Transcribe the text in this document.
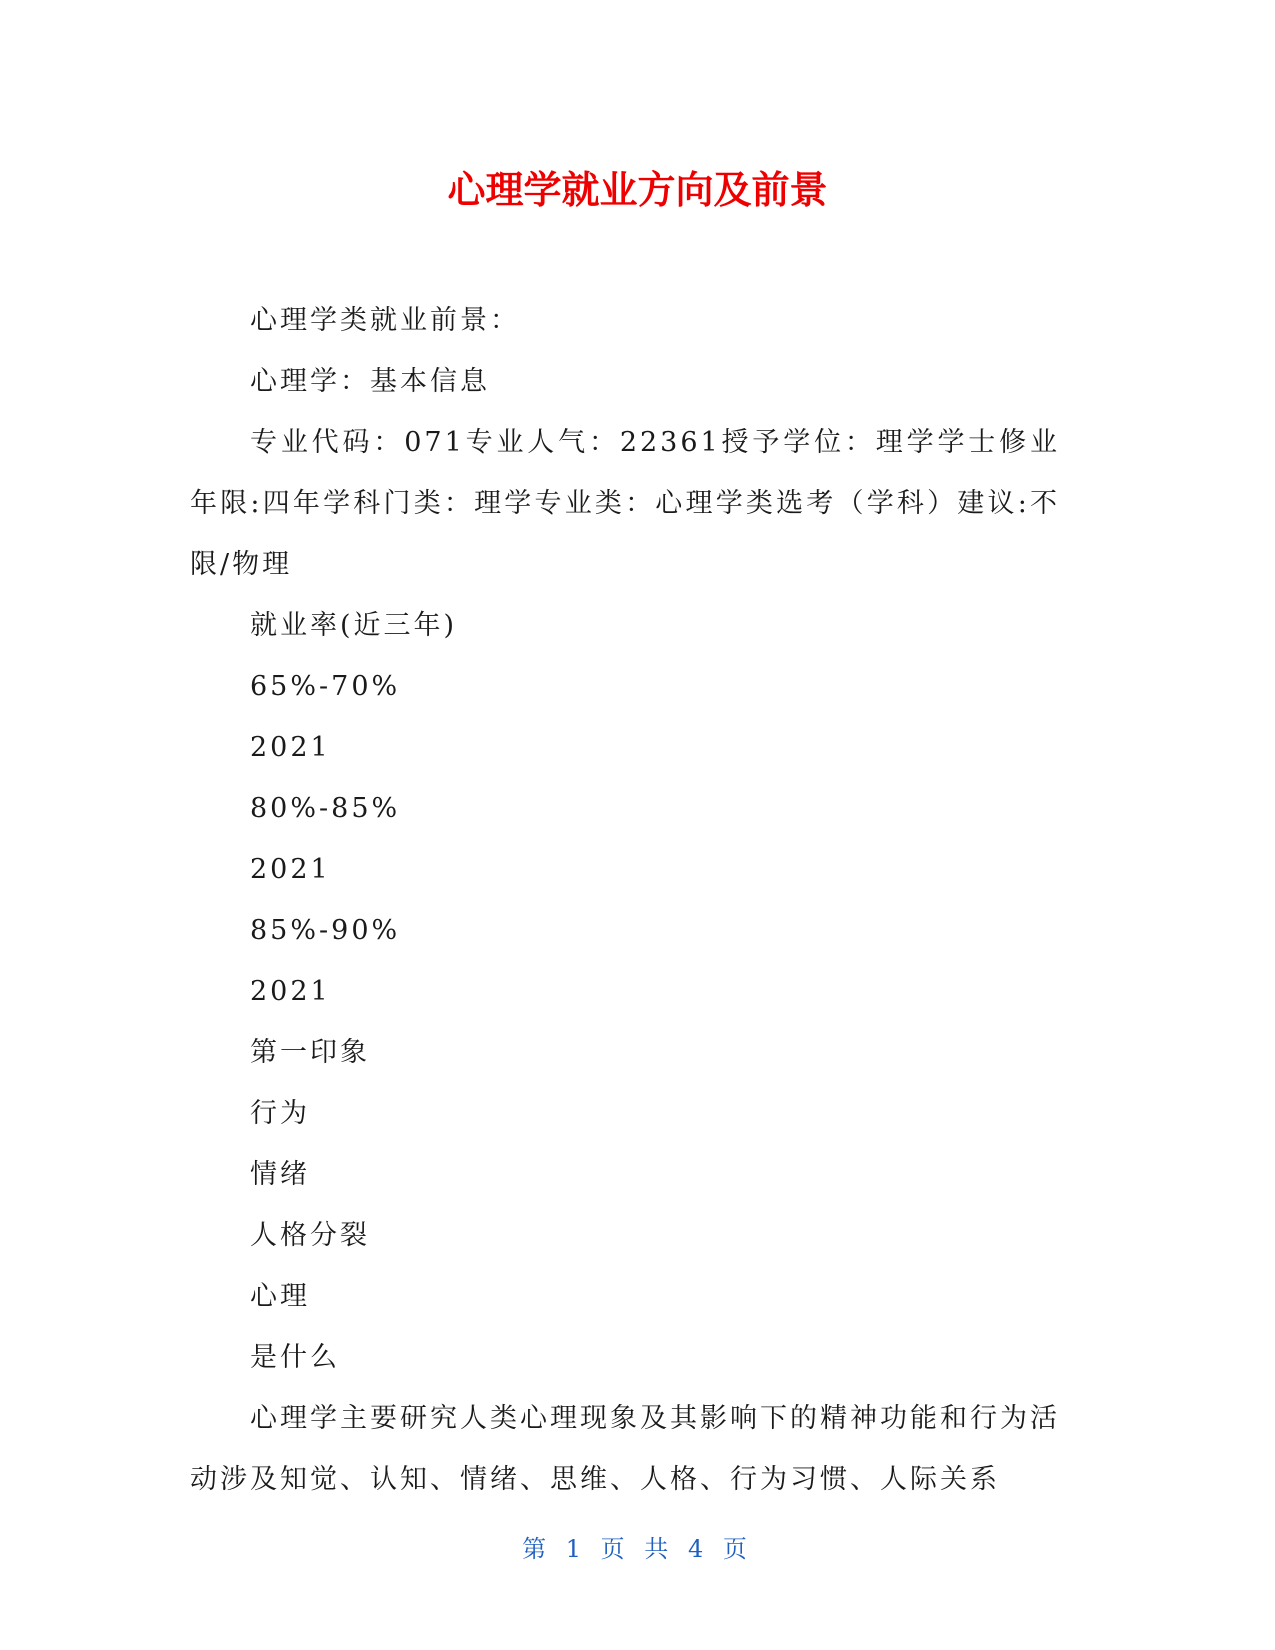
心理学就业方向及前景

心理学类就业前景：

心理学：基本信息

专业代码：071专业人气：22361授予学位：理学学士修业年限:四年学科门类：理学专业类：心理学类选考（学科）建议:不限/物理

就业率(近三年)

65%-70%

2021

80%-85%

2021

85%-90%

2021

第一印象

行为

情绪

人格分裂

心理

是什么

心理学主要研究人类心理现象及其影响下的精神功能和行为活动涉及知觉、认知、情绪、思维、人格、行为习惯、人际关系

第 1 页 共 4 页
